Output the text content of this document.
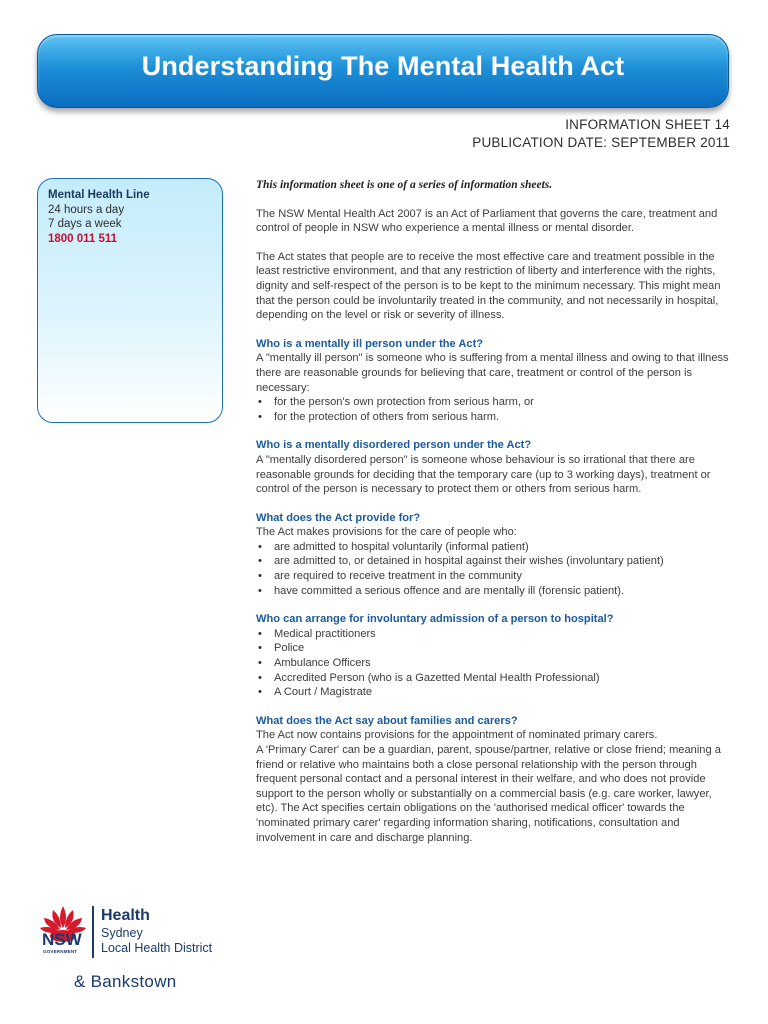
Understanding The Mental Health Act
INFORMATION SHEET 14
PUBLICATION DATE: SEPTEMBER 2011
Mental Health Line
24 hours a day
7 days a week
1800 011 511
This information sheet is one of a series of information sheets.

The NSW Mental Health Act 2007 is an Act of Parliament that governs the care, treatment and control of people in NSW who experience a mental illness or mental disorder.

The Act states that people are to receive the most effective care and treatment possible in the least restrictive environment, and that any restriction of liberty and interference with the rights, dignity and self-respect of the person is to be kept to the minimum necessary. This might mean that the person could be involuntarily treated in the community, and not necessarily in hospital, depending on the level or risk or severity of illness.

Who is a mentally ill person under the Act?

A "mentally ill person" is someone who is suffering from a mental illness and owing to that illness there are reasonable grounds for believing that care, treatment or control of the person is necessary:

• for the person's own protection from serious harm, or
• for the protection of others from serious harm.
Who is a mentally disordered person under the Act?

A "mentally disordered person" is someone whose behaviour is so irrational that there are reasonable grounds for deciding that the temporary care (up to 3 working days), treatment or control of the person is necessary to protect them or others from serious harm.

What does the Act provide for?

The Act makes provisions for the care of people who:

• are admitted to hospital voluntarily (informal patient)
• are admitted to, or detained in hospital against their wishes (involuntary patient)
• are required to receive treatment in the community
• have committed a serious offence and are mentally ill (forensic patient).
Who can arrange for involuntary admission of a person to hospital?
• Medical practitioners
• Police
• Ambulance Officers
• Accredited Person (who is a Gazetted Mental Health Professional)
• A Court / Magistrate
What does the Act say about families and carers?

The Act now contains provisions for the appointment of nominated primary carers.

A 'Primary Carer' can be a guardian, parent, spouse/partner, relative or close friend; meaning a friend or relative who maintains both a close personal relationship with the person through frequent personal contact and a personal interest in their welfare, and who does not provide support to the person wholly or substantially on a commercial basis (e.g. care worker, lawyer, etc). The Act specifies certain obligations on the 'authorised medical officer' towards the 'nominated primary carer' regarding information sharing, notifications, consultation and involvement in care and discharge planning.

NSW
GOVERNMENT
Health
Sydney
Local Health District
& Bankstown
